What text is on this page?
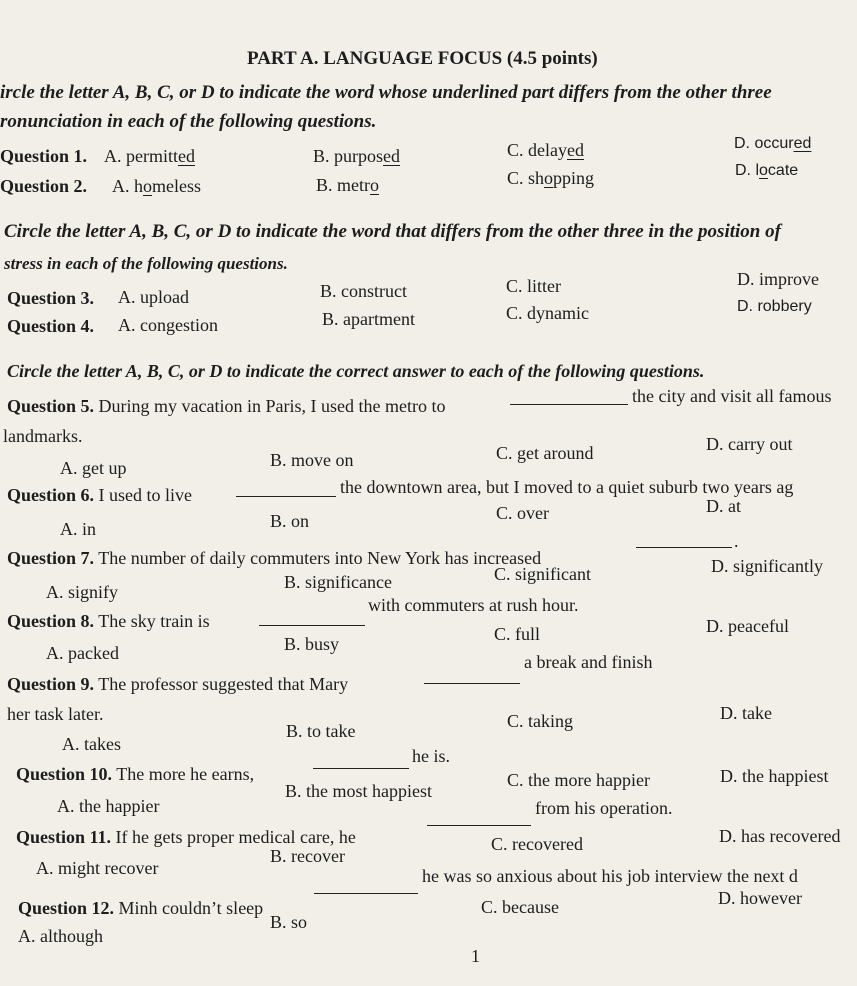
PART A. LANGUAGE FOCUS (4.5 points)
ircle the letter A, B, C, or D to indicate the word whose underlined part differs from the other three
ronunciation in each of the following questions.
Question 1. A. permitted	B. purposed	C. delayed	D. occured
Question 2. A. homeless	B. metro	C. shopping	D. locate
Circle the letter A, B, C, or D to indicate the word that differs from the other three in the position of
stress in each of the following questions.
Question 3. A. upload	B. construct	C. litter	D. improve
Question 4. A. congestion	B. apartment	C. dynamic	D. robbery
Circle the letter A, B, C, or D to indicate the correct answer to each of the following questions.
Question 5. During my vacation in Paris, I used the metro to	the city and visit all famous
landmarks.
A. get up	B. move on	C. get around	D. carry out
Question 6. I used to live	the downtown area, but I moved to a quiet suburb two years ag
A. in	B. on	C. over	D. at
Question 7. The number of daily commuters into New York has increased
.
A. signify	B. significance	C. significant	D. significantly
Question 8. The sky train is
with commuters at rush hour.
A. packed	B. busy	C. full	D. peaceful
Question 9. The professor suggested that Mary
a break and finish
her task later.
A. takes
B. to take	C. taking	D. take
Question 10. The more he earns,
he is.
A. the happier
B. the most happiest
C. the more happier	D. the happiest
Question 11. If he gets proper medical care, he
from his operation.
A. might recover
B. recover
C. recovered	D. has recovered
Question 12. Minh couldn’t sleep
he was so anxious about his job interview the next d
A. although
B. so
C. because	D. however
1
